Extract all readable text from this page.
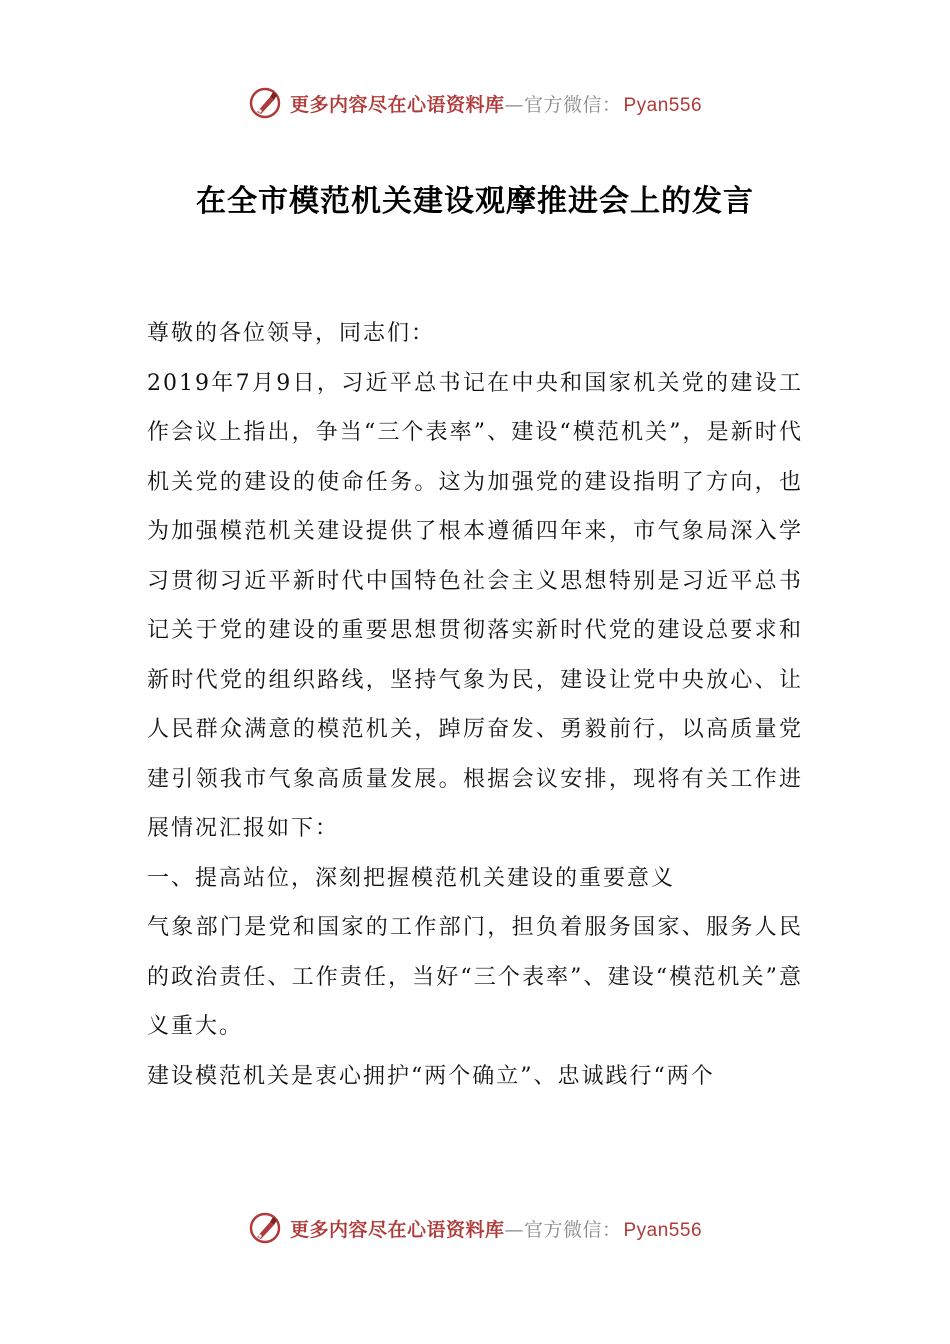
更多内容尽在心语资料库—官方微信： Pyan556
在全市模范机关建设观摩推进会上的发言

尊敬的各位领导，同志们：

2019年7月9日，习近平总书记在中央和国家机关党的建设工作会议上指出，争当“三个表率”、建设“模范机关”，是新时代机关党的建设的使命任务。这为加强党的建设指明了方向，也为加强模范机关建设提供了根本遵循四年来，市气象局深入学习贯彻习近平新时代中国特色社会主义思想特别是习近平总书记关于党的建设的重要思想贯彻落实新时代党的建设总要求和新时代党的组织路线，坚持气象为民，建设让党中央放心、让人民群众满意的模范机关，踔厉奋发、勇毅前行，以高质量党建引领我市气象高质量发展。根据会议安排，现将有关工作进展情况汇报如下：

一、提高站位，深刻把握模范机关建设的重要意义

气象部门是党和国家的工作部门，担负着服务国家、服务人民的政治责任、工作责任，当好“三个表率”、建设“模范机关”意义重大。

建设模范机关是衷心拥护“两个确立”、忠诚践行“两个

更多内容尽在心语资料库—官方微信： Pyan556
